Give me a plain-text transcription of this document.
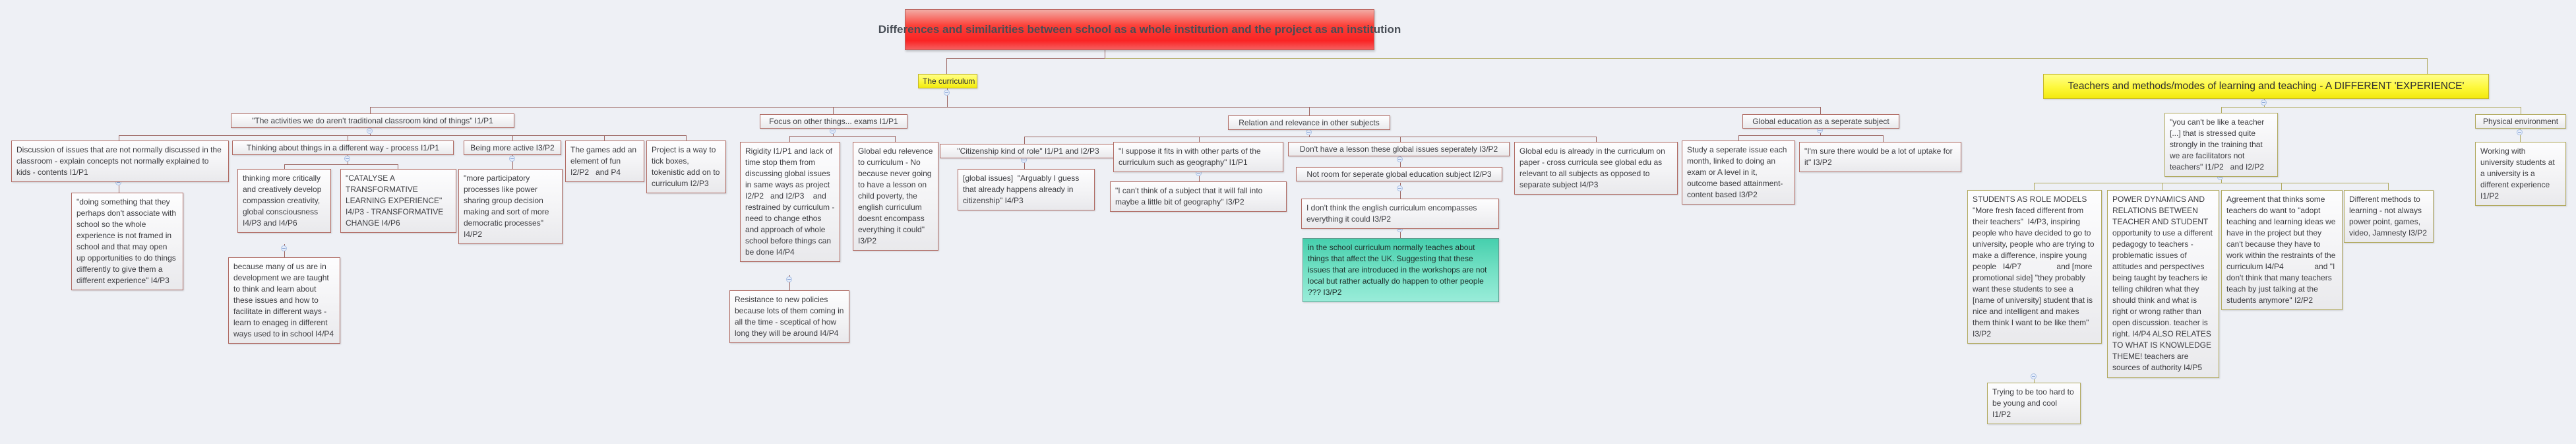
Differences and similarities between school as a whole institution and the project as an institution
The curriculum	Teachers and methods/modes of learning and teaching - A DIFFERENT 'EXPERIENCE'
"The activities we do aren't traditional classroom kind of things" I1/P1
Discussion of issues that are not normally discussed in the classroom - explain concepts not normally explained to kids - contents I1/P1
"doing something that they perhaps don't associate with school so the whole experience is not framed in school and that may open up opportunities to do things differently to give them a different experience" I4/P3
Thinking about things in a different way - process I1/P1
thinking more critically and creatively develop compassion creativity, global consciousness I4/P3 and I4/P6
"CATALYSE A TRANSFORMATIVE LEARNING EXPERIENCE" I4/P3 - TRANSFORMATIVE CHANGE I4/P6
because many of us are in development we are taught to think and learn about these issues and how to facilitate in different ways - learn to enageg in different ways used to in school I4/P4
Being more active I3/P2
"more participatory processes like power sharing group decision making and sort of more democratic processes" I4/P2
The games add an element of fun I2/P2   and P4
Project is a way to tick boxes, tokenistic add on to curriculum I2/P3
Focus on other things... exams I1/P1
Rigidity I1/P1 and lack of time stop them from discussing global issues in same ways as project I2/P2   and I2/P3    and restrained by curriculum - need to change ethos and approach of whole school before things can be done I4/P4
Global edu relevence to curriculum - No because never going to have a lesson on child poverty, the english curriculum doesnt encompass everything it could" I3/P2
Resistance to new policies because lots of them coming in all the time - sceptical of how long they will be around I4/P4
"Citizenship kind of role" I1/P1 and I2/P3
[global issues]  "Arguably I guess that already happens already in citizenship" I4/P3
Relation and relevance in other subjects
"I suppose it fits in with other parts of the curriculum such as geography" I1/P1
"I can't think of a subject that it will fall into maybe a little bit of geography" I3/P2
Don't have a lesson these global issues seperately I3/P2
Not room for seperate global education subject I2/P3
I don't think the english curriculum encompasses everything it could I3/P2
in the school curriculum normally teaches about things that affect the UK. Suggesting that these issues that are introduced in the workshops are not local but rather actually do happen to other people ??? I3/P2
Global edu is already in the curriculum on paper - cross curricula see global edu as relevant to all subjects as opposed to separate subject I4/P3
Global education as a seperate subject
Study a seperate issue each month, linked to doing an exam or A level in it, outcome based attainment-content based I3/P2
"I'm sure there would be a lot of uptake for it" I3/P2
"you can't be like a teacher [...] that is stressed quite strongly in the training that we are facilitators not teachers" I1/P2   and I2/P2
STUDENTS AS ROLE MODELS "More fresh faced different from      their teachers"  I4/P3, inspiring people who have decided to go to university, people who are trying to make a difference, inspire young people   I4/P7                and [more promotional side] "they probably want these students to see a [name of university] student that is nice and intelligent and makes them think I want to be like them" I3/P2
POWER DYNAMICS AND RELATIONS BETWEEN TEACHER AND STUDENT opportunity to use a different pedagogy to teachers - problematic issues of attitudes and perspectives being taught by teachers ie telling children what they should think and what is right or wrong rather than open discussion. teacher is right. I4/P4 ALSO RELATES TO WHAT IS KNOWLEDGE          THEME! teachers are sources of authority I4/P5
Agreement that thinks some teachers do want to "adopt teaching and learning ideas we have in the project but they can't because they have to work within the restraints of the curriculum I4/P4              and "I don't think that many teachers teach by just talking at the students anymore" I2/P2
Different methods to learning - not always power point, games, video, Jamnesty I3/P2
Trying to be too hard to be young and cool I1/P2
Physical environment
Working with university students at a university is a different experience I1/P2
